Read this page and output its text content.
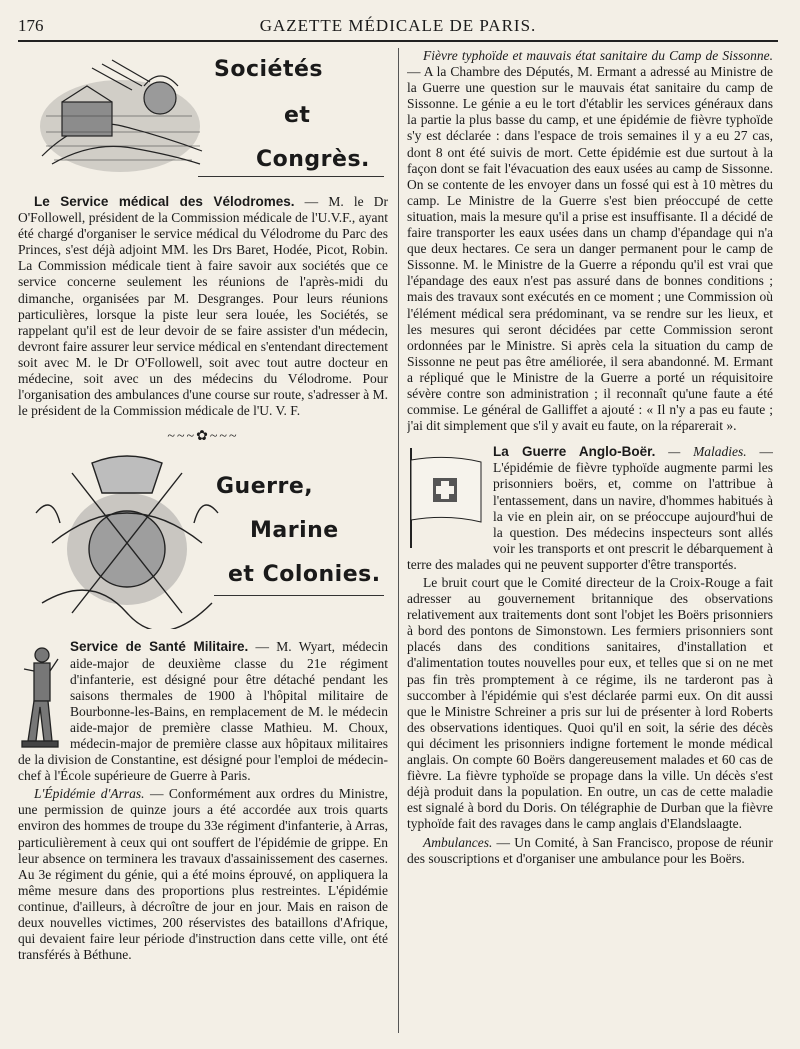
176	GAZETTE MÉDICALE DE PARIS.
Sociétés
et
Congrès.

Le Service médical des Vélodromes. — M. le Dr O'Followell, président de la Commission médicale de l'U.V.F., ayant été chargé d'organiser le service médical du Vélodrome du Parc des Princes, s'est déjà adjoint MM. les Drs Baret, Hodée, Picot, Robin. La Commission médicale tient à faire savoir aux sociétés que ce service concerne seulement les réunions de l'après-midi du dimanche, organisées par M. Desgranges. Pour leurs réunions particulières, lorsque la piste leur sera louée, les Sociétés, se rappelant qu'il est de leur devoir de se faire assister d'un médecin, devront faire assurer leur service médical en s'entendant directement soit avec M. le Dr O'Followell, soit avec tout autre docteur en médecine, soit avec un des médecins du Vélodrome. Pour l'organisation des ambulances d'une course sur route, s'adresser à M. le président de la Commission médicale de l'U. V. F.

~~~✿~~~
Guerre,
Marine
et Colonies.

Service de Santé Militaire. — M. Wyart, médecin aide-major de deuxième classe du 21e régiment d'infanterie, est désigné pour être détaché pendant les saisons thermales de 1900 à l'hôpital militaire de Bourbonne-les-Bains, en remplacement de M. le médecin aide-major de première classe Mathieu. M. Choux, médecin-major de première classe aux hôpitaux militaires de la division de Constantine, est désigné pour l'emploi de médecin-chef à l'École supérieure de Guerre à Paris.

L'Épidémie d'Arras. — Conformément aux ordres du Ministre, une permission de quinze jours a été accordée aux trois quarts environ des hommes de troupe du 33e régiment d'infanterie, à Arras, particulièrement à ceux qui ont souffert de l'épidémie de grippe. En leur absence on terminera les travaux d'assainissement des casernes. Au 3e régiment du génie, qui a été moins éprouvé, on appliquera la même mesure dans des proportions plus restreintes. L'épidémie continue, d'ailleurs, à décroître de jour en jour. Mais en raison de deux nouvelles victimes, 200 réservistes des bataillons d'Afrique, qui devaient faire leur période d'instruction dans cette ville, ont été transférés à Béthune.

Fièvre typhoïde et mauvais état sanitaire du Camp de Sissonne. — A la Chambre des Députés, M. Ermant a adressé au Ministre de la Guerre une question sur le mauvais état sanitaire du camp de Sissonne. Le génie a eu le tort d'établir les services généraux dans la partie la plus basse du camp, et une épidémie de fièvre typhoïde s'y est déclarée : dans l'espace de trois semaines il y a eu 27 cas, dont 8 ont été suivis de mort. Cette épidémie est due surtout à la façon dont se fait l'évacuation des eaux usées au camp de Sissonne. On se contente de les envoyer dans un fossé qui est à 10 mètres du camp. Le Ministre de la Guerre s'est bien préoccupé de cette situation, mais la mesure qu'il a prise est insuffisante. Il a décidé de faire transporter les eaux usées dans un champ d'épandage qui n'a que deux hectares. Ce sera un danger permanent pour le camp de Sissonne. M. le Ministre de la Guerre a répondu qu'il est vrai que l'épandage des eaux n'est pas assuré dans de bonnes conditions ; mais des travaux sont exécutés en ce moment ; une Commission où l'élément médical sera prédominant, va se rendre sur les lieux, et les mesures qui seront décidées par cette Commission seront ordonnées par le Ministre. Si après cela la situation du camp de Sissonne ne peut pas être améliorée, il sera abandonné. M. Ermant a répliqué que le Ministre de la Guerre a porté un réquisitoire sévère contre son administration ; il reconnaît qu'une faute a été commise. Le général de Galliffet a ajouté : « Il n'y a pas eu faute ; j'ai dit simplement que s'il y avait eu faute, on la réparerait ».

La Guerre Anglo-Boër. — Maladies. — L'épidémie de fièvre typhoïde augmente parmi les prisonniers boërs, et, comme on l'attribue à l'entassement, dans un navire, d'hommes habitués à la vie en plein air, on se préoccupe aujourd'hui de la question. Des médecins inspecteurs sont allés voir les transports et ont prescrit le débarquement à terre des malades qui ne peuvent supporter d'être transportés.

Le bruit court que le Comité directeur de la Croix-Rouge a fait adresser au gouvernement britannique des observations relativement aux traitements dont sont l'objet les Boërs prisonniers à bord des pontons de Simonstown. Les fermiers prisonniers sont placés dans des conditions sanitaires, d'installation et d'alimentation toutes nouvelles pour eux, et telles que si on ne met pas fin très promptement à ce régime, ils ne tarderont pas à succomber à l'épidémie qui s'est déclarée parmi eux. On dit aussi que le Ministre Schreiner a pris sur lui de présenter à lord Roberts des observations identiques. Quoi qu'il en soit, la série des décès qui déciment les prisonniers indigne fortement le monde médical anglais. On compte 60 Boërs dangereusement malades et 60 cas de fièvre. La fièvre typhoïde se propage dans la ville. Un décès s'est déjà produit dans la population. En outre, un cas de cette maladie est signalé à bord du Doris. On télégraphie de Durban que la fièvre typhoïde fait des ravages dans le camp anglais d'Elandslaagte.

Ambulances. — Un Comité, à San Francisco, propose de réunir des souscriptions et d'organiser une ambulance pour les Boërs.
